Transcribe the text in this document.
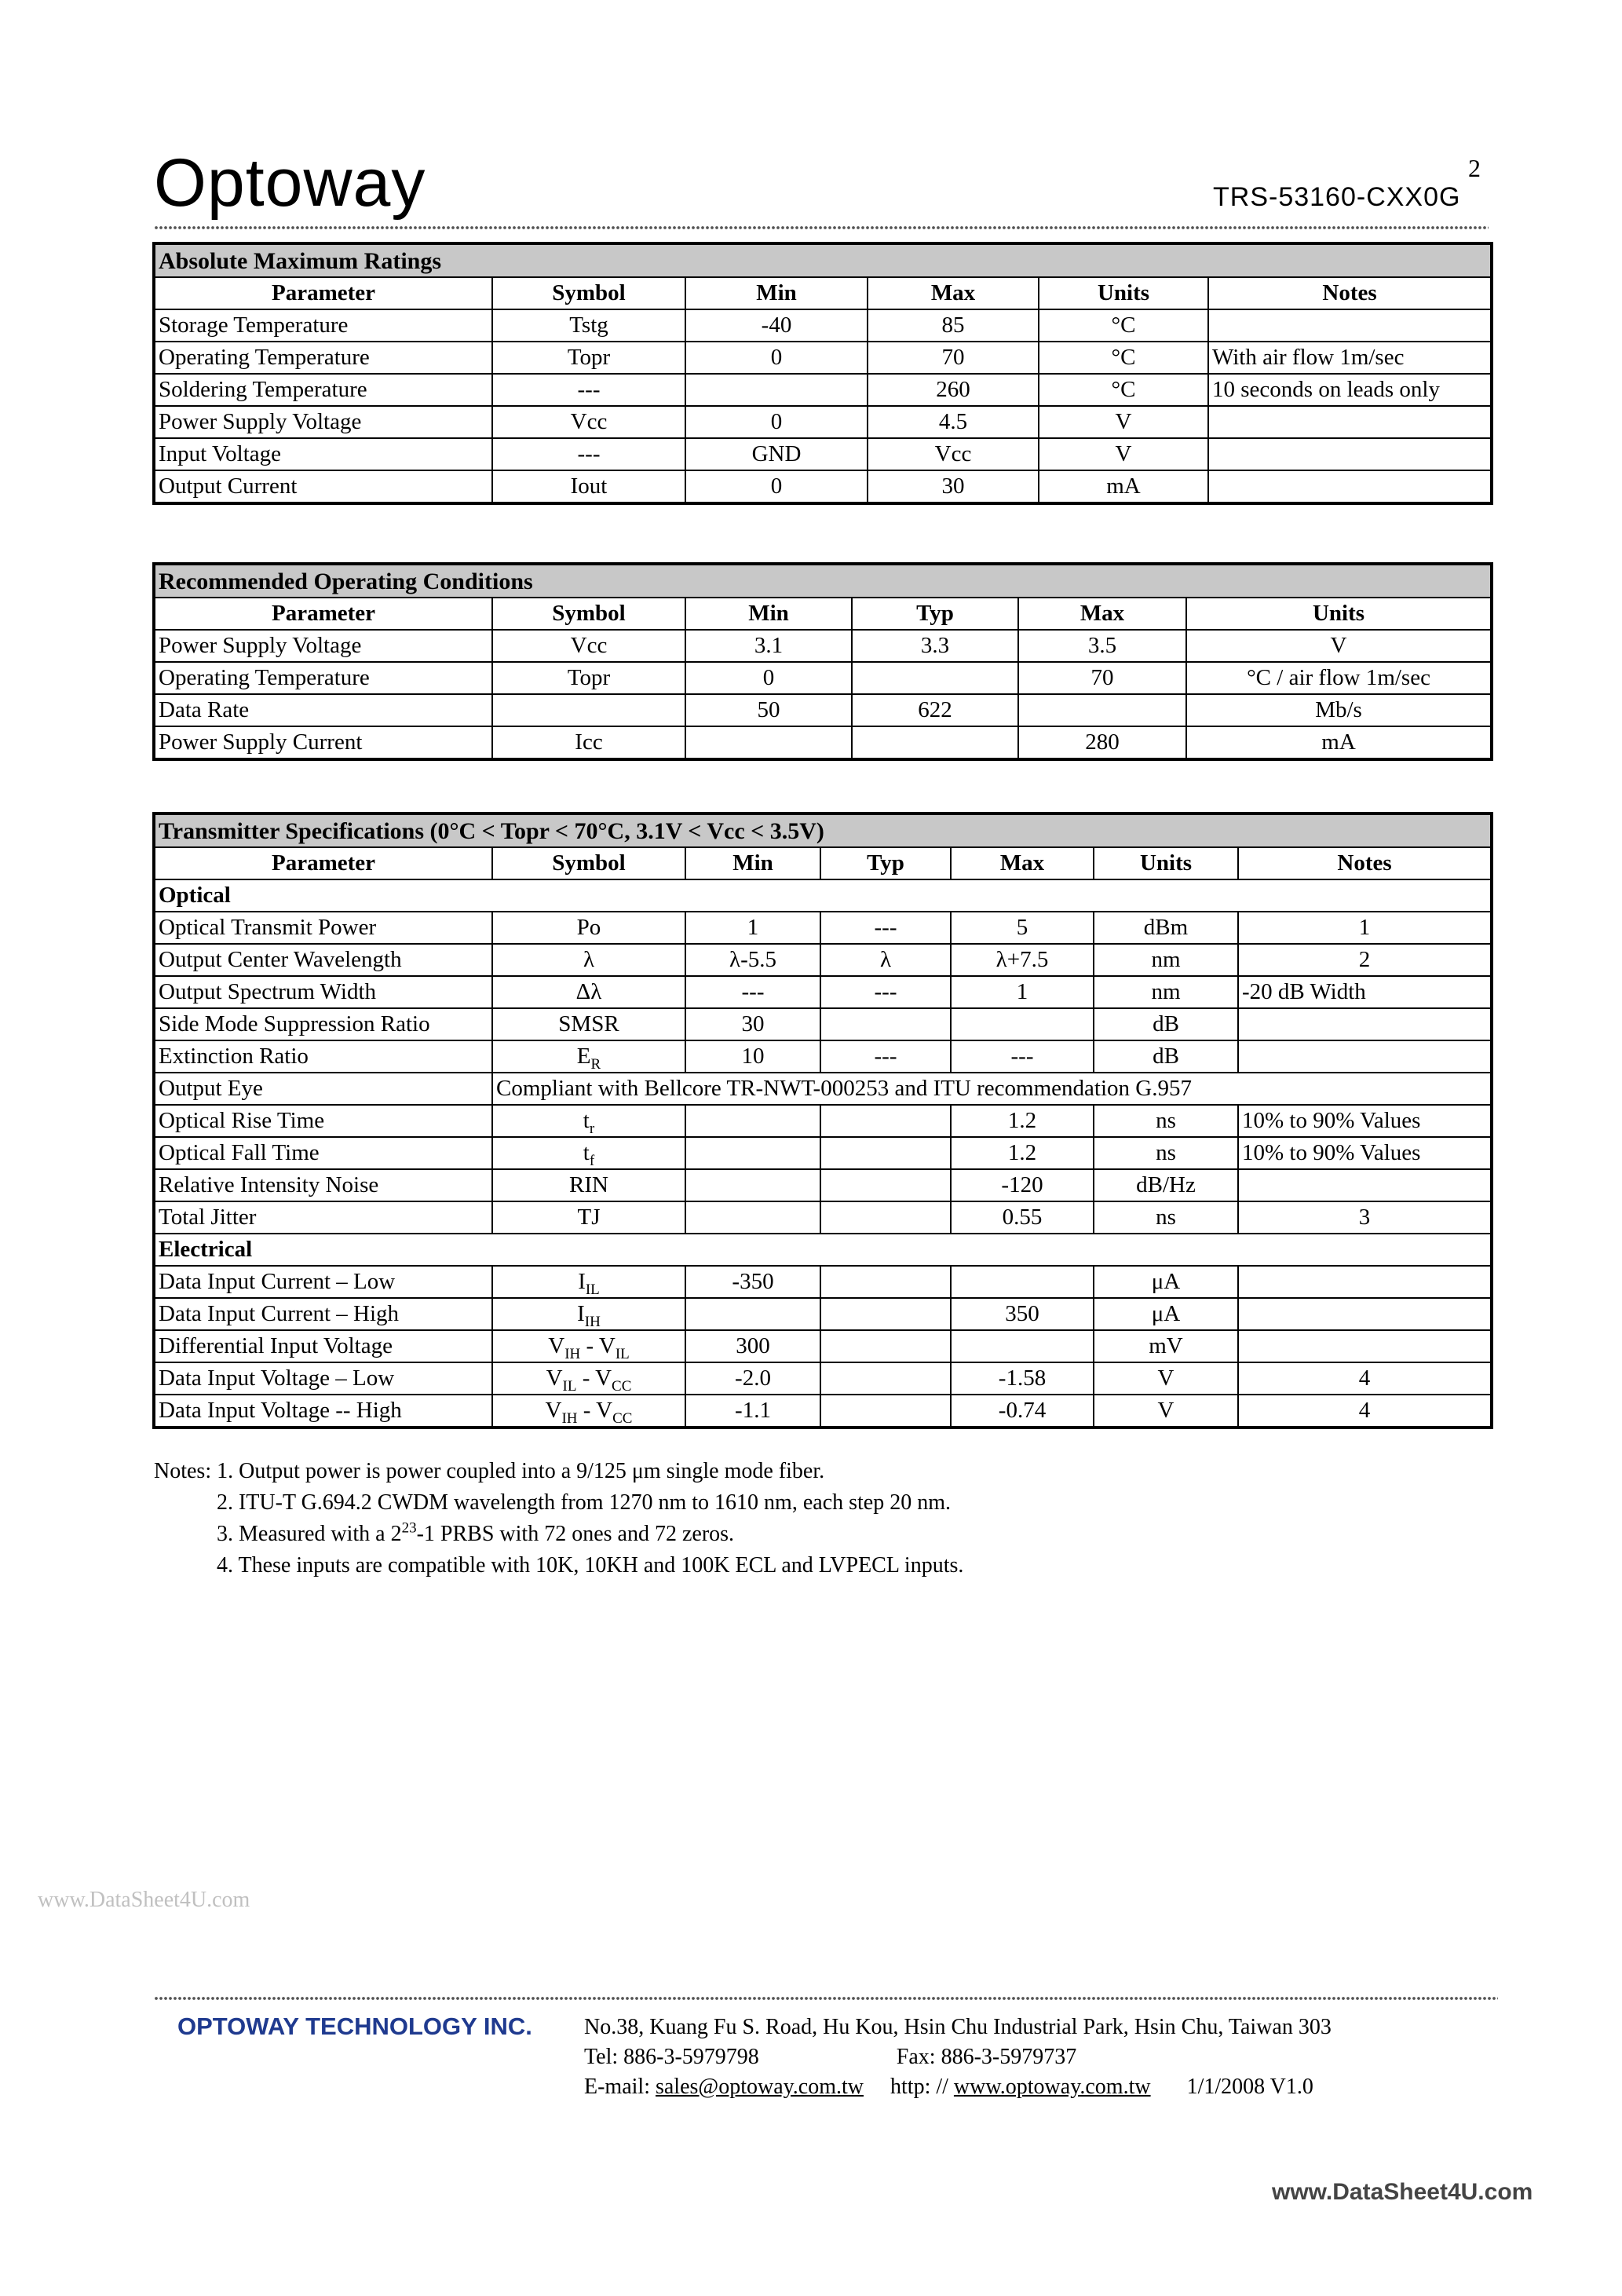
Optoway	2
TRS-53160-CXX0G
Absolute Maximum Ratings					
Parameter	Symbol	Min	Max	Units	Notes
Storage Temperature	Tstg	-40	85	°C	
Operating Temperature	Topr	0	70	°C	With air flow 1m/sec
Soldering Temperature	---		260	°C	10 seconds on leads only
Power Supply Voltage	Vcc	0	4.5	V	
Input Voltage	---	GND	Vcc	V	
Output Current	Iout	0	30	mA	
Recommended Operating Conditions					
Parameter	Symbol	Min	Typ	Max	Units
Power Supply Voltage	Vcc	3.1	3.3	3.5	V
Operating Temperature	Topr	0		70	°C / air flow 1m/sec
Data Rate		50	622		Mb/s
Power Supply Current	Icc			280	mA
Transmitter Specifications (0°C < Topr < 70°C, 3.1V < Vcc < 3.5V)						
Parameter	Symbol	Min	Typ	Max	Units	Notes
Optical						
Optical Transmit Power	Po	1	---	5	dBm	1
Output Center Wavelength	λ	λ-5.5	λ	λ+7.5	nm	2
Output Spectrum Width	Δλ	---	---	1	nm	-20 dB Width
Side Mode Suppression Ratio	SMSR	30			dB	
Extinction Ratio	$E_R$	10	---	---	dB	
Output Eye	Compliant with Bellcore TR-NWT-000253 and ITU recommendation G.957					
Optical Rise Time	$t_r$			1.2	ns	10% to 90% Values
Optical Fall Time	$t_f$			1.2	ns	10% to 90% Values
Relative Intensity Noise	RIN			-120	dB/Hz	
Total Jitter	TJ			0.55	ns	3
Electrical						
Data Input Current – Low	$I_{IL}$	-350			μA	
Data Input Current – High	$I_{IH}$			350	μA	
Differential Input Voltage	$V_{IH} - V_{IL}$	300			mV	
Data Input Voltage – Low	$V_{IL} - V_{CC}$	-2.0		-1.58	V	4
Data Input Voltage -- High	$V_{IH} - V_{CC}$	-1.1		-0.74	V	4
Notes: 1. Output power is power coupled into a 9/125 μm single mode fiber.
2. ITU-T G.694.2 CWDM wavelength from 1270 nm to 1610 nm, each step 20 nm.
3. Measured with a $2^{23}-1$ PRBS with 72 ones and 72 zeros.
4. These inputs are compatible with 10K, 10KH and 100K ECL and LVPECL inputs.
www.DataSheet4U.com
OPTOWAY TECHNOLOGY INC. No.38, Kuang Fu S. Road, Hu Kou, Hsin Chu Industrial Park, Hsin Chu, Taiwan 303
Tel: 886-3-5979798	Fax: 886-3-5979737
E-mail: sales@optoway.com.tw http: // www.optoway.com.tw 1/1/2008 V1.0
www.DataSheet4U.com
